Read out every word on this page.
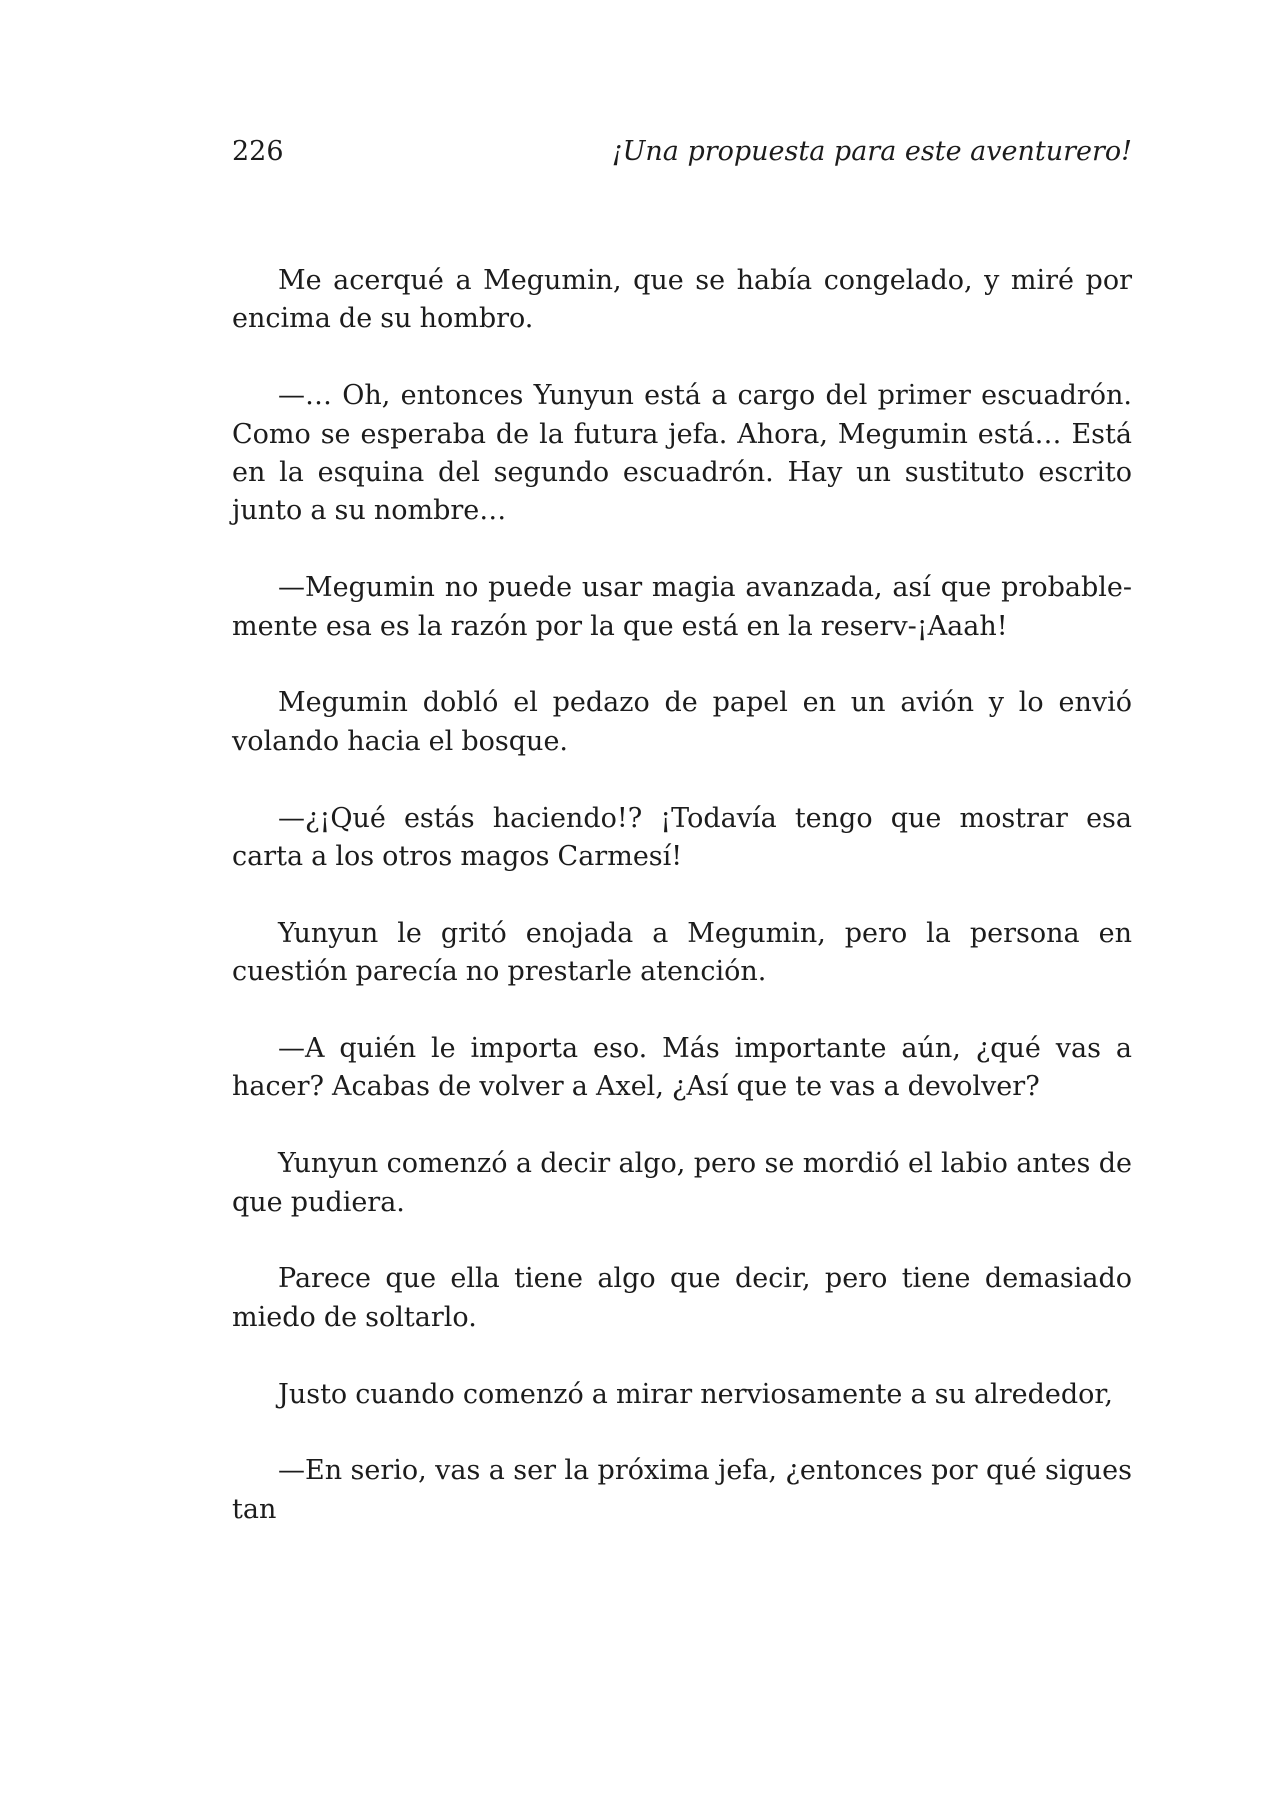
226	¡Una propuesta para este aventurero!

Me acerqué a Megumin, que se había congelado, y miré por encima de su hombro.

—… Oh, entonces Yunyun está a cargo del primer escuadrón. Como se esperaba de la futura jefa. Ahora, Megumin está… Está en la esquina del segundo escuadrón. Hay un sustituto escrito junto a su nombre…

—Megumin no puede usar magia avanzada, así que probablemente esa es la razón por la que está en la reserv-¡Aaah!

Megumin dobló el pedazo de papel en un avión y lo envió volando hacia el bosque.

—¿¡Qué estás haciendo!? ¡Todavía tengo que mostrar esa carta a los otros magos Carmesí!

Yunyun le gritó enojada a Megumin, pero la persona en cuestión parecía no prestarle atención.

—A quién le importa eso. Más importante aún, ¿qué vas a hacer? Acabas de volver a Axel, ¿Así que te vas a devolver?

Yunyun comenzó a decir algo, pero se mordió el labio antes de que pudiera.

Parece que ella tiene algo que decir, pero tiene demasiado miedo de soltarlo.

Justo cuando comenzó a mirar nerviosamente a su alrededor,

—En serio, vas a ser la próxima jefa, ¿entonces por qué sigues tan
